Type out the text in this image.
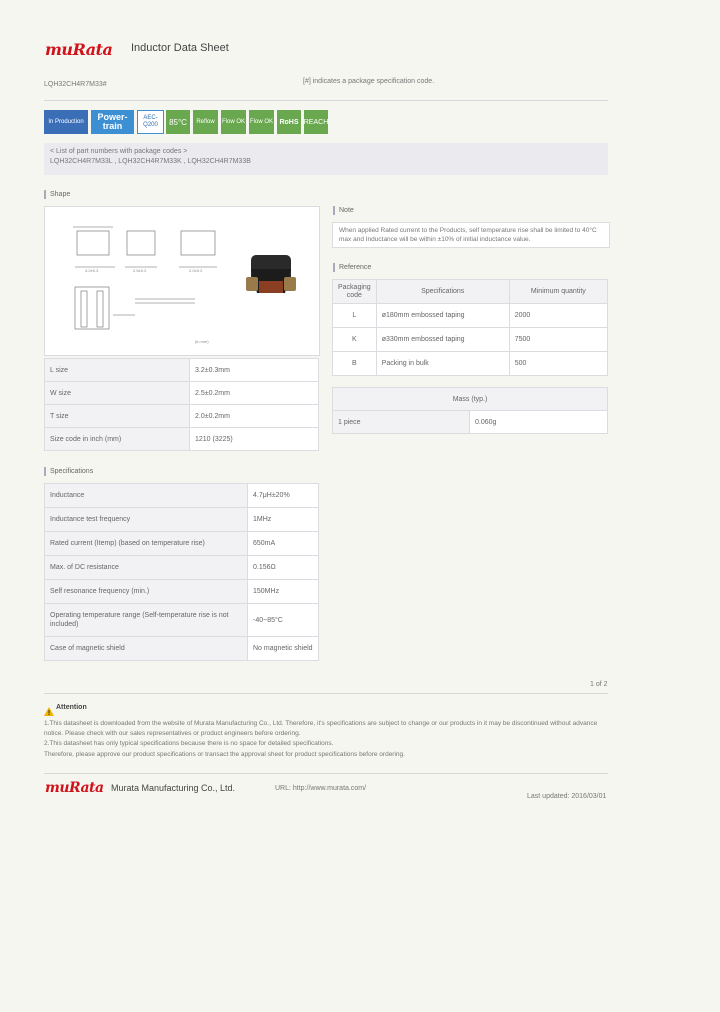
muRata Inductor Data Sheet
LQH32CH4R7M33#	[#] indicates a package specification code.
In Production	Power-train
AEC-Q200	85°C Reflow Flow OK Flow OK RoHS REACH
< List of part numbers with package codes >
LQH32CH4R7M33L , LQH32CH4R7M33K , LQH32CH4R7M33B
Shape
3.2±0.3	2.5±0.2	2.0±0.2
(in mm)
L size	3.2±0.3mm
W size	2.5±0.2mm
T size	2.0±0.2mm
Size code in inch (mm)	1210 (3225)
Note
When applied Rated current to the Products, self temperature rise shall be limited to 40°C max and Inductance will be within ±10% of initial inductance value.
Reference
Packaging code	Specifications	Minimum quantity
L	ø180mm embossed taping	2000
K	ø330mm embossed taping	7500
B	Packing in bulk	500
Mass (typ.)
1 piece	0.060g
Specifications
Inductance	4.7μH±20%
Inductance test frequency	1MHz
Rated current (Itemp) (based on temperature rise)	650mA
Max. of DC resistance	0.156Ω
Self resonance frequency (min.)	150MHz
Operating temperature range (Self-temperature rise is not included)	-40~85°C
Case of magnetic shield	No magnetic shield
1 of 2
Attention
1.This datasheet is downloaded from the website of Murata Manufacturing Co., Ltd. Therefore, it's specifications are subject to change or our products in it may be discontinued without advance notice. Please check with our sales representatives or product engineers before ordering.
2.This datasheet has only typical specifications because there is no space for detailed specifications.
Therefore, please approve our product specifications or transact the approval sheet for product specifications before ordering.
muRata Murata Manufacturing Co., Ltd.	URL: http://www.murata.com/
Last updated: 2016/03/01
